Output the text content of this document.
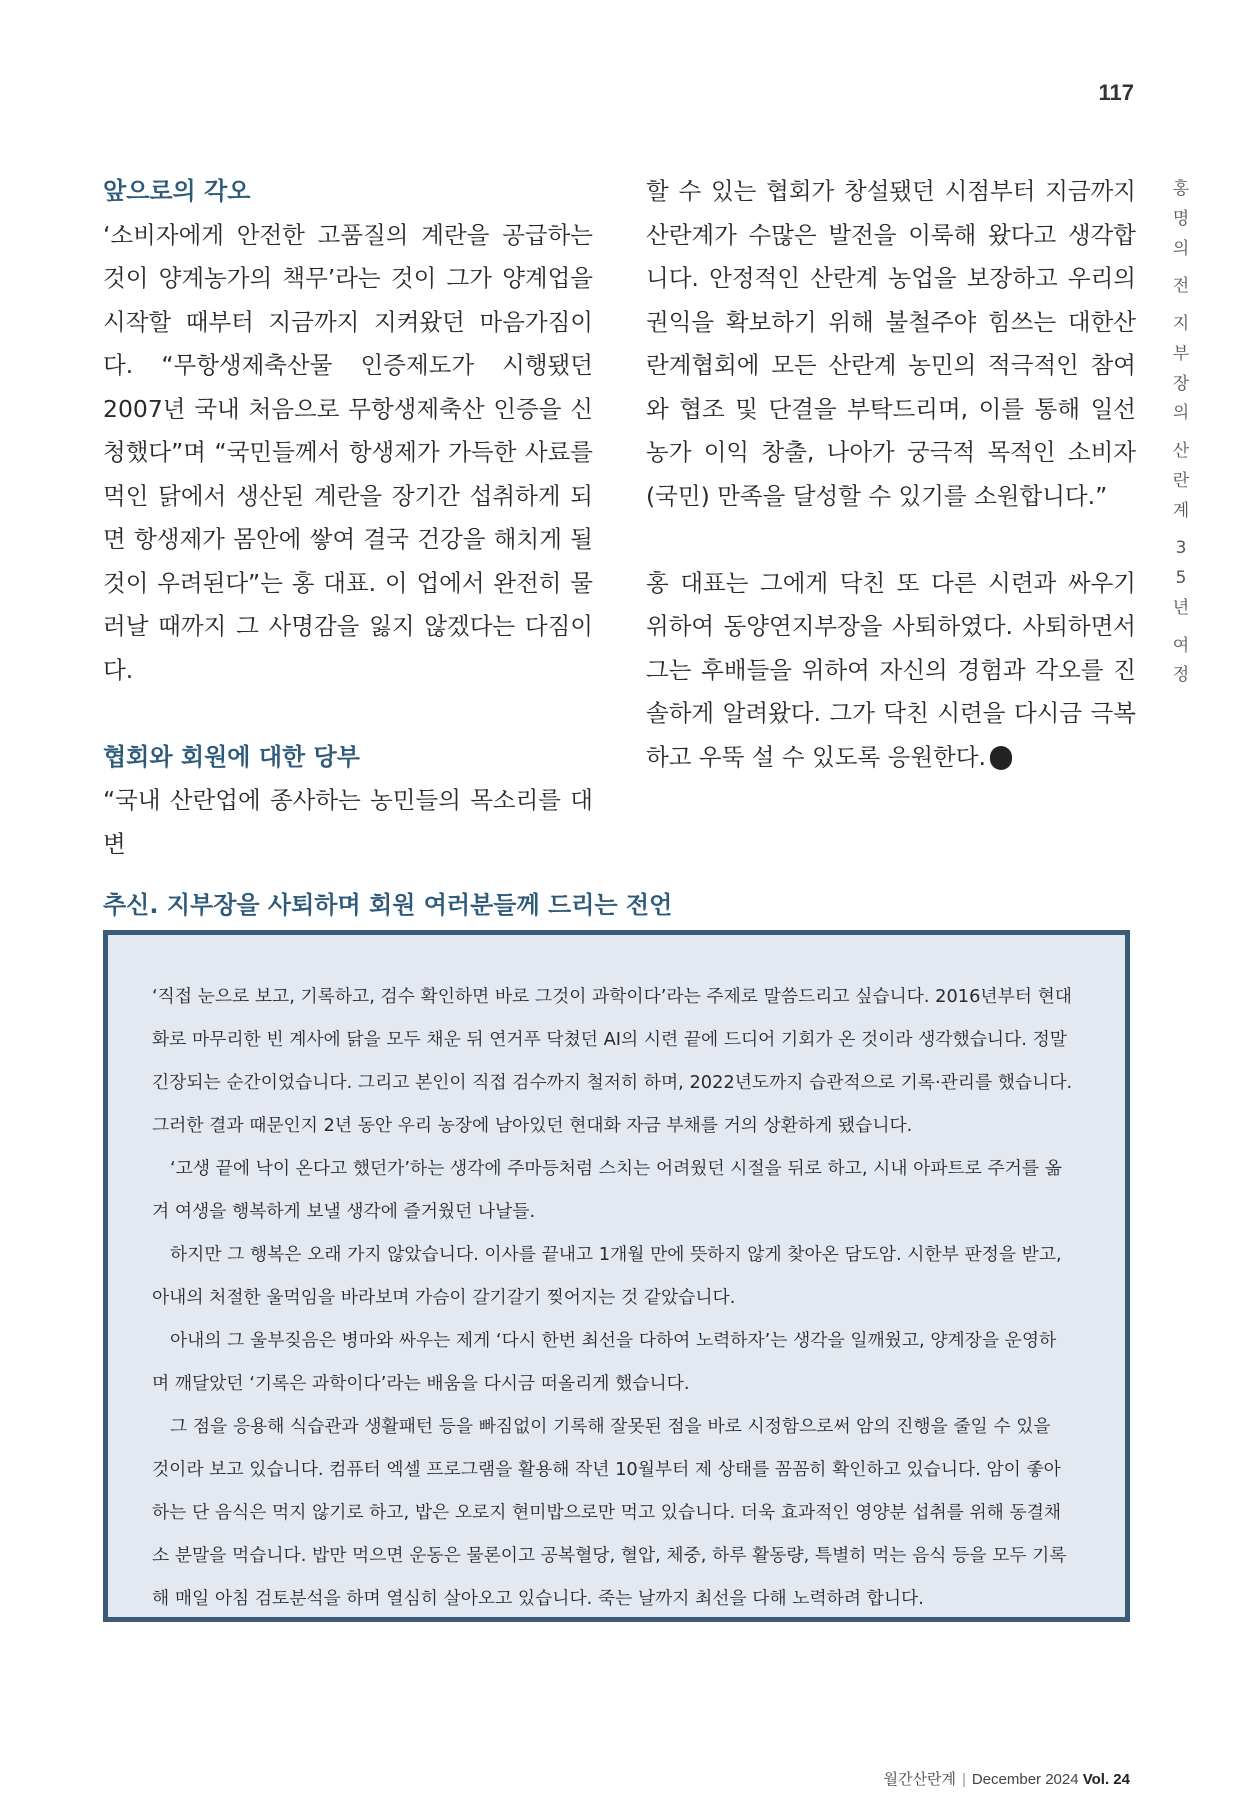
117
홍
명
의
전
지
부
장
의
산
란
계
3
5
년
여
정

앞으로의 각오

‘소비자에게 안전한 고품질의 계란을 공급하는 것이 양계농가의 책무’라는 것이 그가 양계업을 시작할 때부터 지금까지 지켜왔던 마음가짐이다. “무항생제축산물 인증제도가 시행됐던 2007년 국내 처음으로 무항생제축산 인증을 신청했다”며 “국민들께서 항생제가 가득한 사료를 먹인 닭에서 생산된 계란을 장기간 섭취하게 되면 항생제가 몸안에 쌓여 결국 건강을 해치게 될 것이 우려된다”는 홍 대표. 이 업에서 완전히 물러날 때까지 그 사명감을 잃지 않겠다는 다짐이다.

협회와 회원에 대한 당부

“국내 산란업에 종사하는 농민들의 목소리를 대변

할 수 있는 협회가 창설됐던 시점부터 지금까지 산란계가 수많은 발전을 이룩해 왔다고 생각합니다. 안정적인 산란계 농업을 보장하고 우리의 권익을 확보하기 위해 불철주야 힘쓰는 대한산란계협회에 모든 산란계 농민의 적극적인 참여와 협조 및 단결을 부탁드리며, 이를 통해 일선 농가 이익 창출, 나아가 궁극적 목적인 소비자(국민) 만족을 달성할 수 있기를 소원합니다.”

홍 대표는 그에게 닥친 또 다른 시련과 싸우기 위하여 동양연지부장을 사퇴하였다. 사퇴하면서 그는 후배들을 위하여 자신의 경험과 각오를 진솔하게 알려왔다. 그가 닥친 시련을 다시금 극복하고 우뚝 설 수 있도록 응원한다.

추신. 지부장을 사퇴하며 회원 여러분들께 드리는 전언

‘직접 눈으로 보고, 기록하고, 검수 확인하면 바로 그것이 과학이다’라는 주제로 말씀드리고 싶습니다. 2016년부터 현대

화로 마무리한 빈 계사에 닭을 모두 채운 뒤 연거푸 닥쳤던 AI의 시련 끝에 드디어 기회가 온 것이라 생각했습니다. 정말

긴장되는 순간이었습니다. 그리고 본인이 직접 검수까지 철저히 하며, 2022년도까지 습관적으로 기록·관리를 했습니다.

그러한 결과 때문인지 2년 동안 우리 농장에 남아있던 현대화 자금 부채를 거의 상환하게 됐습니다.

‘고생 끝에 낙이 온다고 했던가’하는 생각에 주마등처럼 스치는 어려웠던 시절을 뒤로 하고, 시내 아파트로 주거를 옮

겨 여생을 행복하게 보낼 생각에 즐거웠던 나날들.

하지만 그 행복은 오래 가지 않았습니다. 이사를 끝내고 1개월 만에 뜻하지 않게 찾아온 담도암. 시한부 판정을 받고,

아내의 처절한 울먹임을 바라보며 가슴이 갈기갈기 찢어지는 것 같았습니다.

아내의 그 울부짖음은 병마와 싸우는 제게 ‘다시 한번 최선을 다하여 노력하자’는 생각을 일깨웠고, 양계장을 운영하

며 깨달았던 ‘기록은 과학이다’라는 배움을 다시금 떠올리게 했습니다.

그 점을 응용해 식습관과 생활패턴 등을 빠짐없이 기록해 잘못된 점을 바로 시정함으로써 암의 진행을 줄일 수 있을

것이라 보고 있습니다. 컴퓨터 엑셀 프로그램을 활용해 작년 10월부터 제 상태를 꼼꼼히 확인하고 있습니다. 암이 좋아

하는 단 음식은 먹지 않기로 하고, 밥은 오로지 현미밥으로만 먹고 있습니다. 더욱 효과적인 영양분 섭취를 위해 동결채

소 분말을 먹습니다. 밥만 먹으면 운동은 물론이고 공복혈당, 혈압, 체중, 하루 활동량, 특별히 먹는 음식 등을 모두 기록

해 매일 아침 검토분석을 하며 열심히 살아오고 있습니다. 죽는 날까지 최선을 다해 노력하려 합니다.

월간산란계 | December 2024 Vol. 24
